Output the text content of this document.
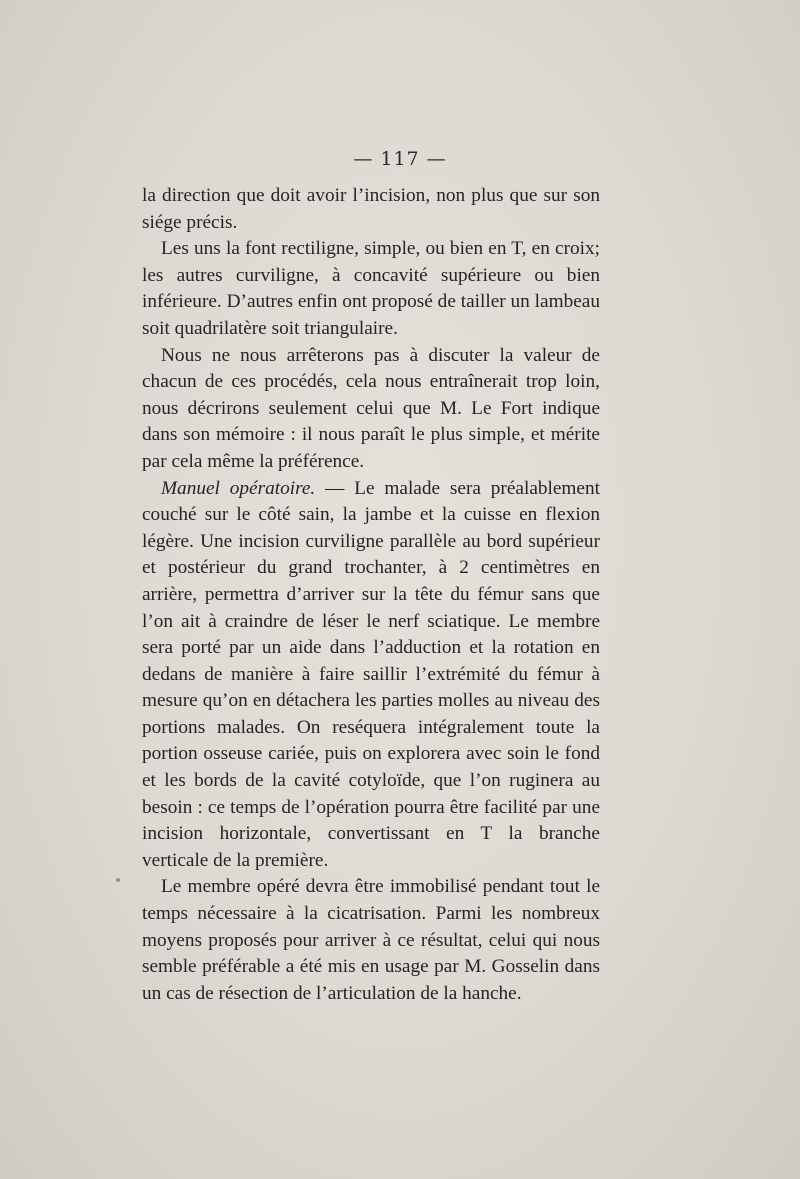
— 117 —

la direction que doit avoir l’incision, non plus que sur son siége précis.

Les uns la font rectiligne, simple, ou bien en T, en croix; les autres curviligne, à concavité supérieure ou bien inférieure. D’autres enfin ont proposé de tailler un lambeau soit quadrilatère soit triangulaire.

Nous ne nous arrêterons pas à discuter la valeur de chacun de ces procédés, cela nous entraînerait trop loin, nous décrirons seulement celui que M. Le Fort indique dans son mémoire : il nous paraît le plus simple, et mérite par cela même la préférence.

Manuel opératoire. — Le malade sera préalablement couché sur le côté sain, la jambe et la cuisse en flexion légère. Une incision curviligne parallèle au bord supérieur et postérieur du grand trochanter, à 2 centimètres en arrière, permettra d’arriver sur la tête du fémur sans que l’on ait à craindre de léser le nerf sciatique. Le membre sera porté par un aide dans l’adduction et la rotation en dedans de manière à faire saillir l’extrémité du fémur à mesure qu’on en détachera les parties molles au niveau des portions malades. On reséquera intégralement toute la portion osseuse cariée, puis on explorera avec soin le fond et les bords de la cavité cotyloïde, que l’on ruginera au besoin : ce temps de l’opération pourra être facilité par une incision horizontale, convertissant en T la branche verticale de la première.

Le membre opéré devra être immobilisé pendant tout le temps nécessaire à la cicatrisation. Parmi les nombreux moyens proposés pour arriver à ce résultat, celui qui nous semble préférable a été mis en usage par M. Gosselin dans un cas de résection de l’articulation de la hanche.
